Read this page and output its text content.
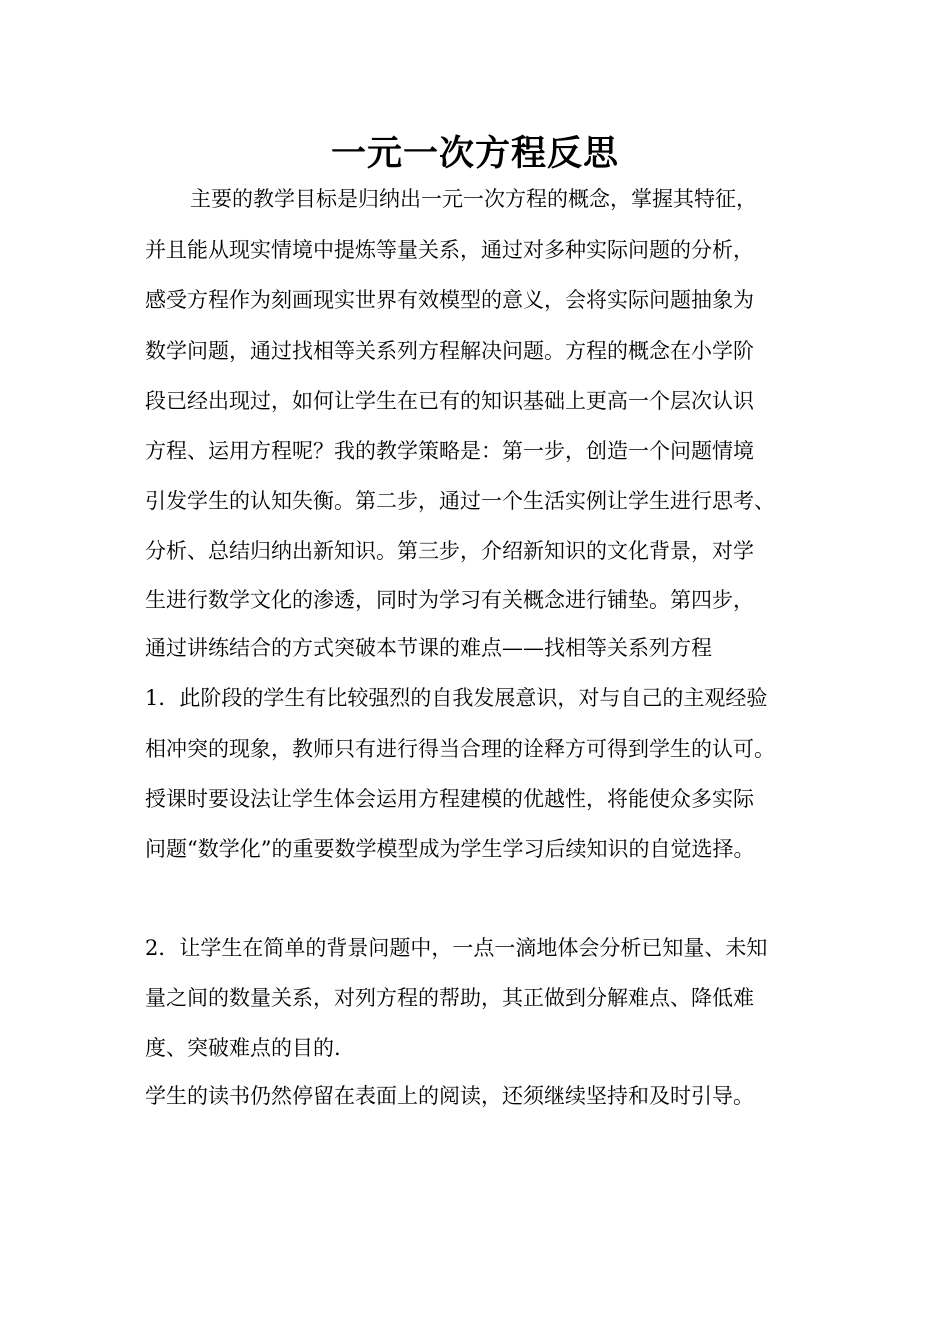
一元一次方程反思
主要的教学目标是归纳出一元一次方程的概念，掌握其特征，
并且能从现实情境中提炼等量关系，通过对多种实际问题的分析，
感受方程作为刻画现实世界有效模型的意义，会将实际问题抽象为
数学问题，通过找相等关系列方程解决问题。方程的概念在小学阶
段已经出现过，如何让学生在已有的知识基础上更高一个层次认识
方程、运用方程呢？我的教学策略是：第一步，创造一个问题情境
引发学生的认知失衡。第二步，通过一个生活实例让学生进行思考、
分析、总结归纳出新知识。第三步，介绍新知识的文化背景，对学
生进行数学文化的渗透，同时为学习有关概念进行铺垫。第四步，
通过讲练结合的方式突破本节课的难点——找相等关系列方程
1．此阶段的学生有比较强烈的自我发展意识，对与自己的主观经验
相冲突的现象，教师只有进行得当合理的诠释方可得到学生的认可。
授课时要设法让学生体会运用方程建模的优越性，将能使众多实际
问题“数学化”的重要数学模型成为学生学习后续知识的自觉选择。
2．让学生在简单的背景问题中，一点一滴地体会分析已知量、未知
量之间的数量关系，对列方程的帮助，其正做到分解难点、降低难
度、突破难点的目的.
学生的读书仍然停留在表面上的阅读，还须继续坚持和及时引导。
